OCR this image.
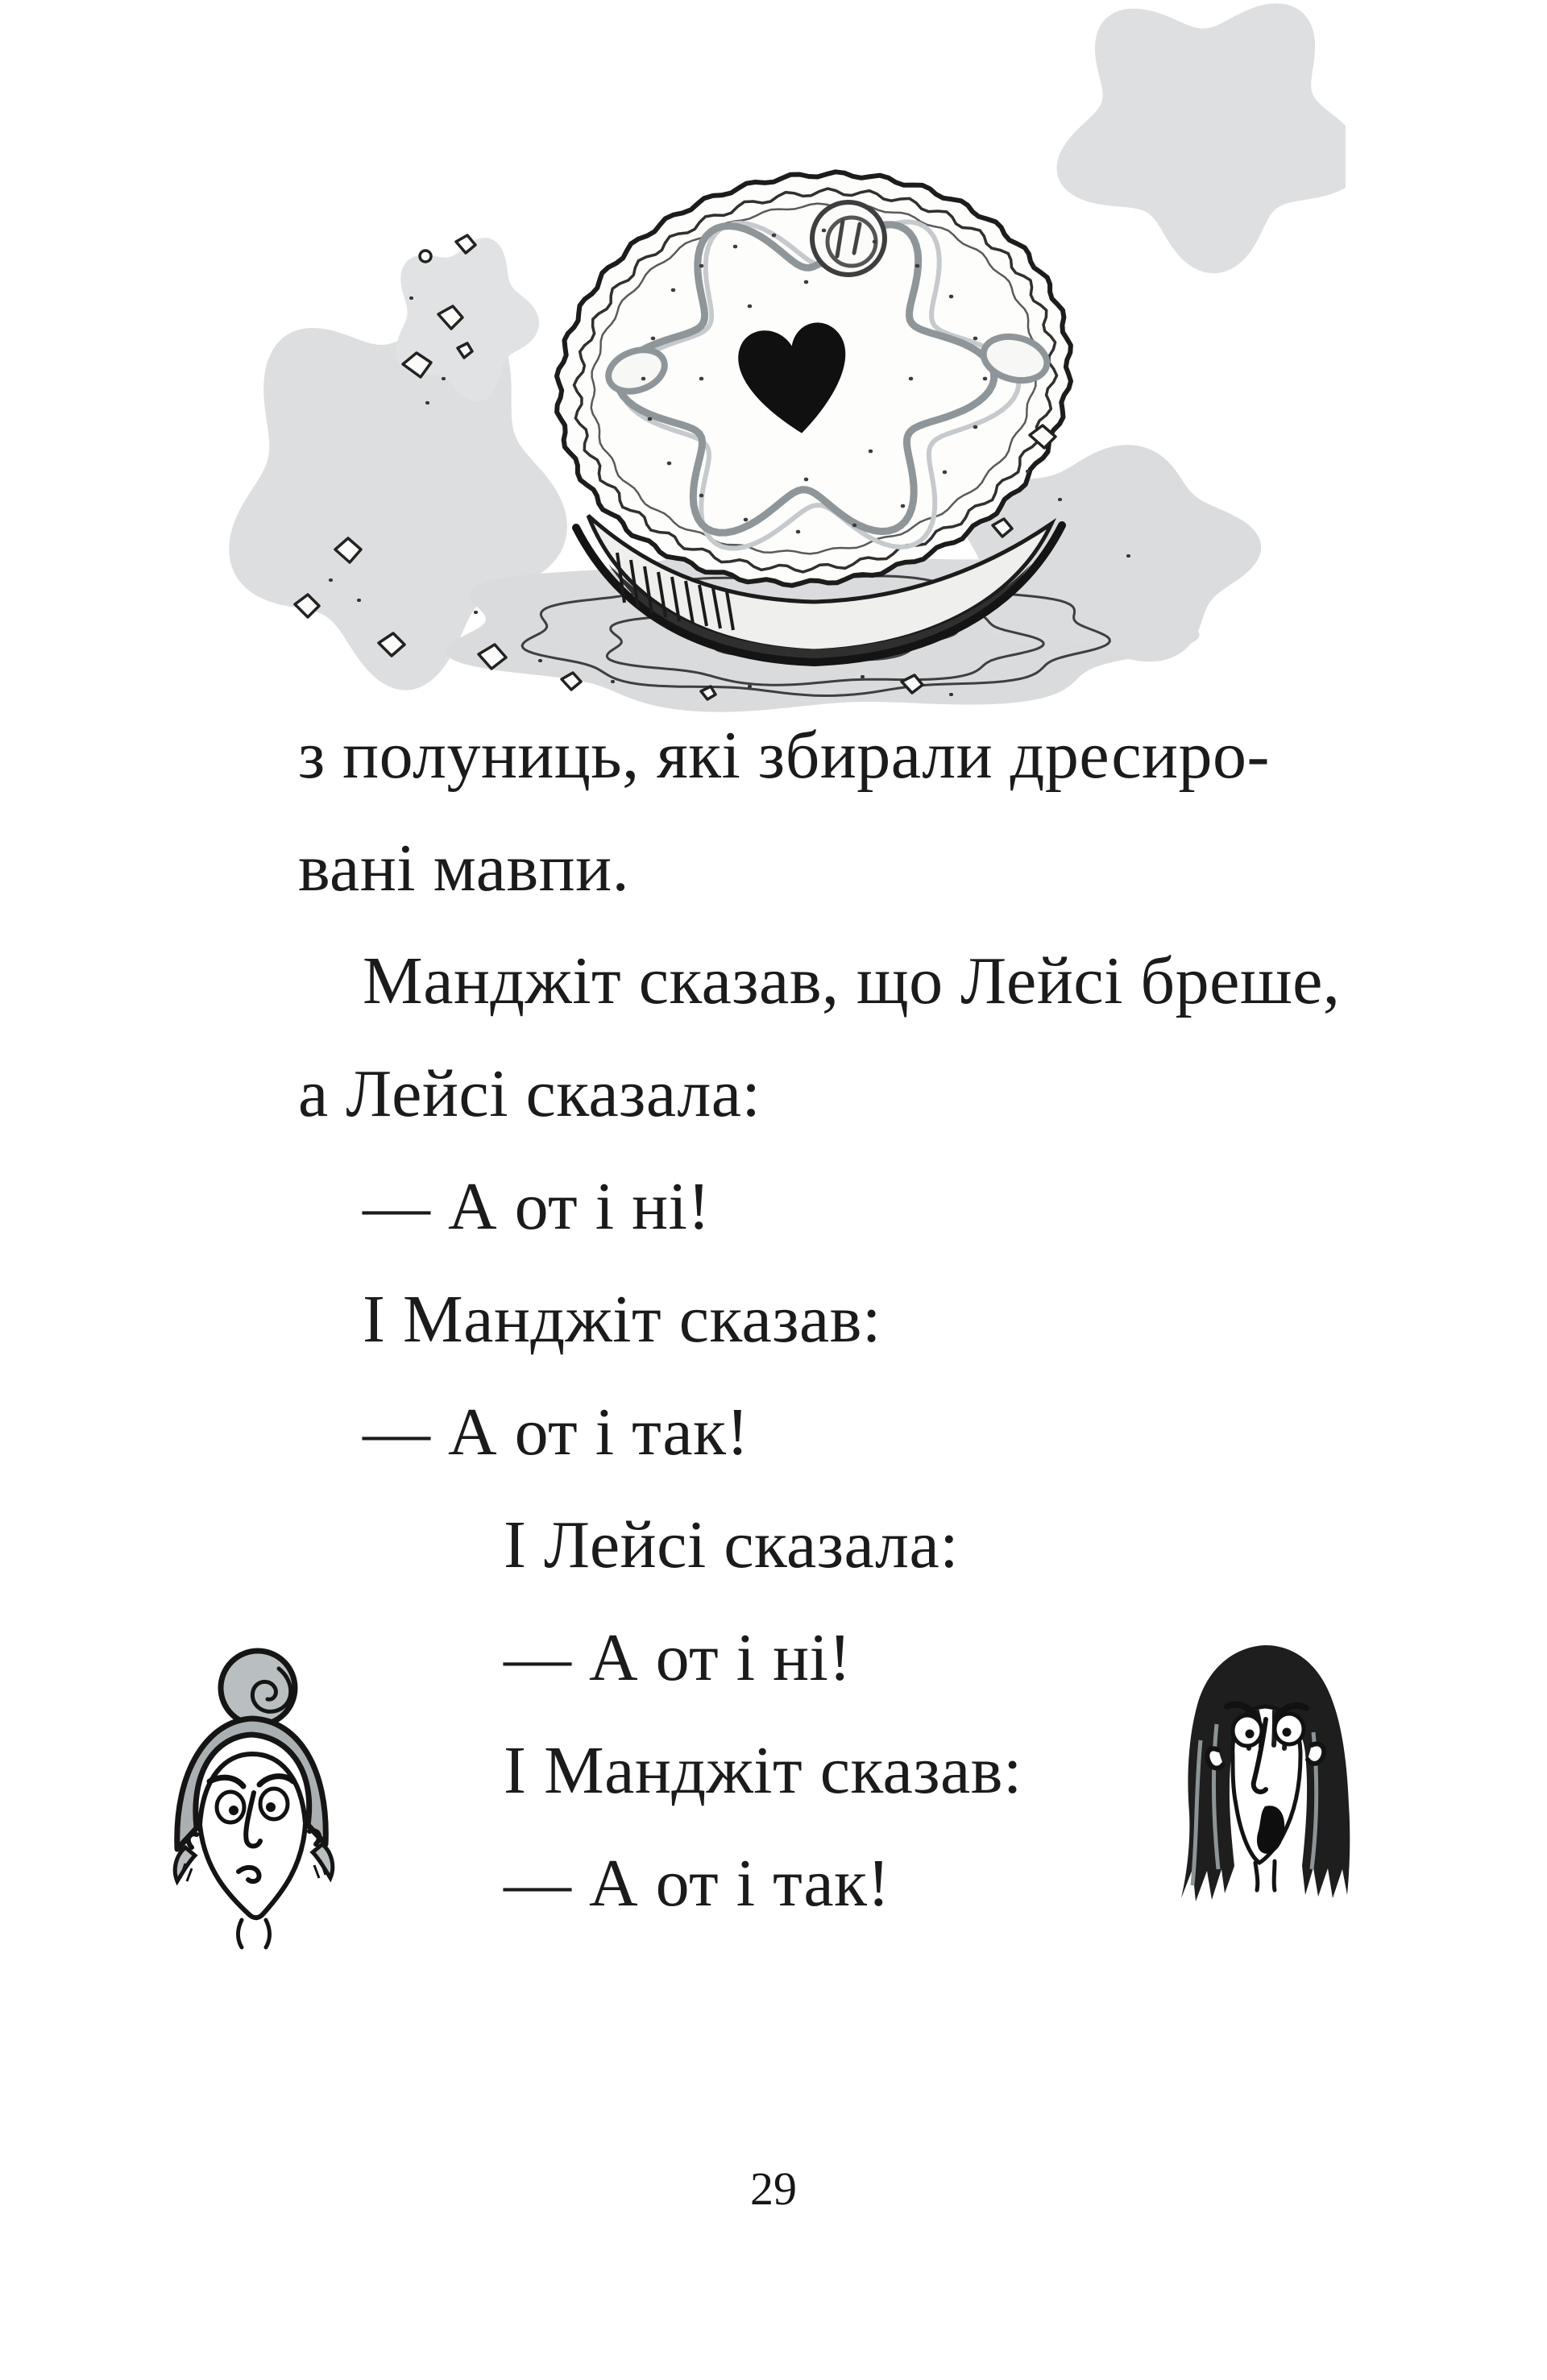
з полуниць, які збирали дресиро-
вані мавпи.
Манджіт сказав, що Лейсі бреше,
а Лейсі сказала:
— А от і ні!
І Манджіт сказав:
— А от і так!
І Лейсі сказала:
— А от і ні!
І Манджіт сказав:
— А от і так!
29
